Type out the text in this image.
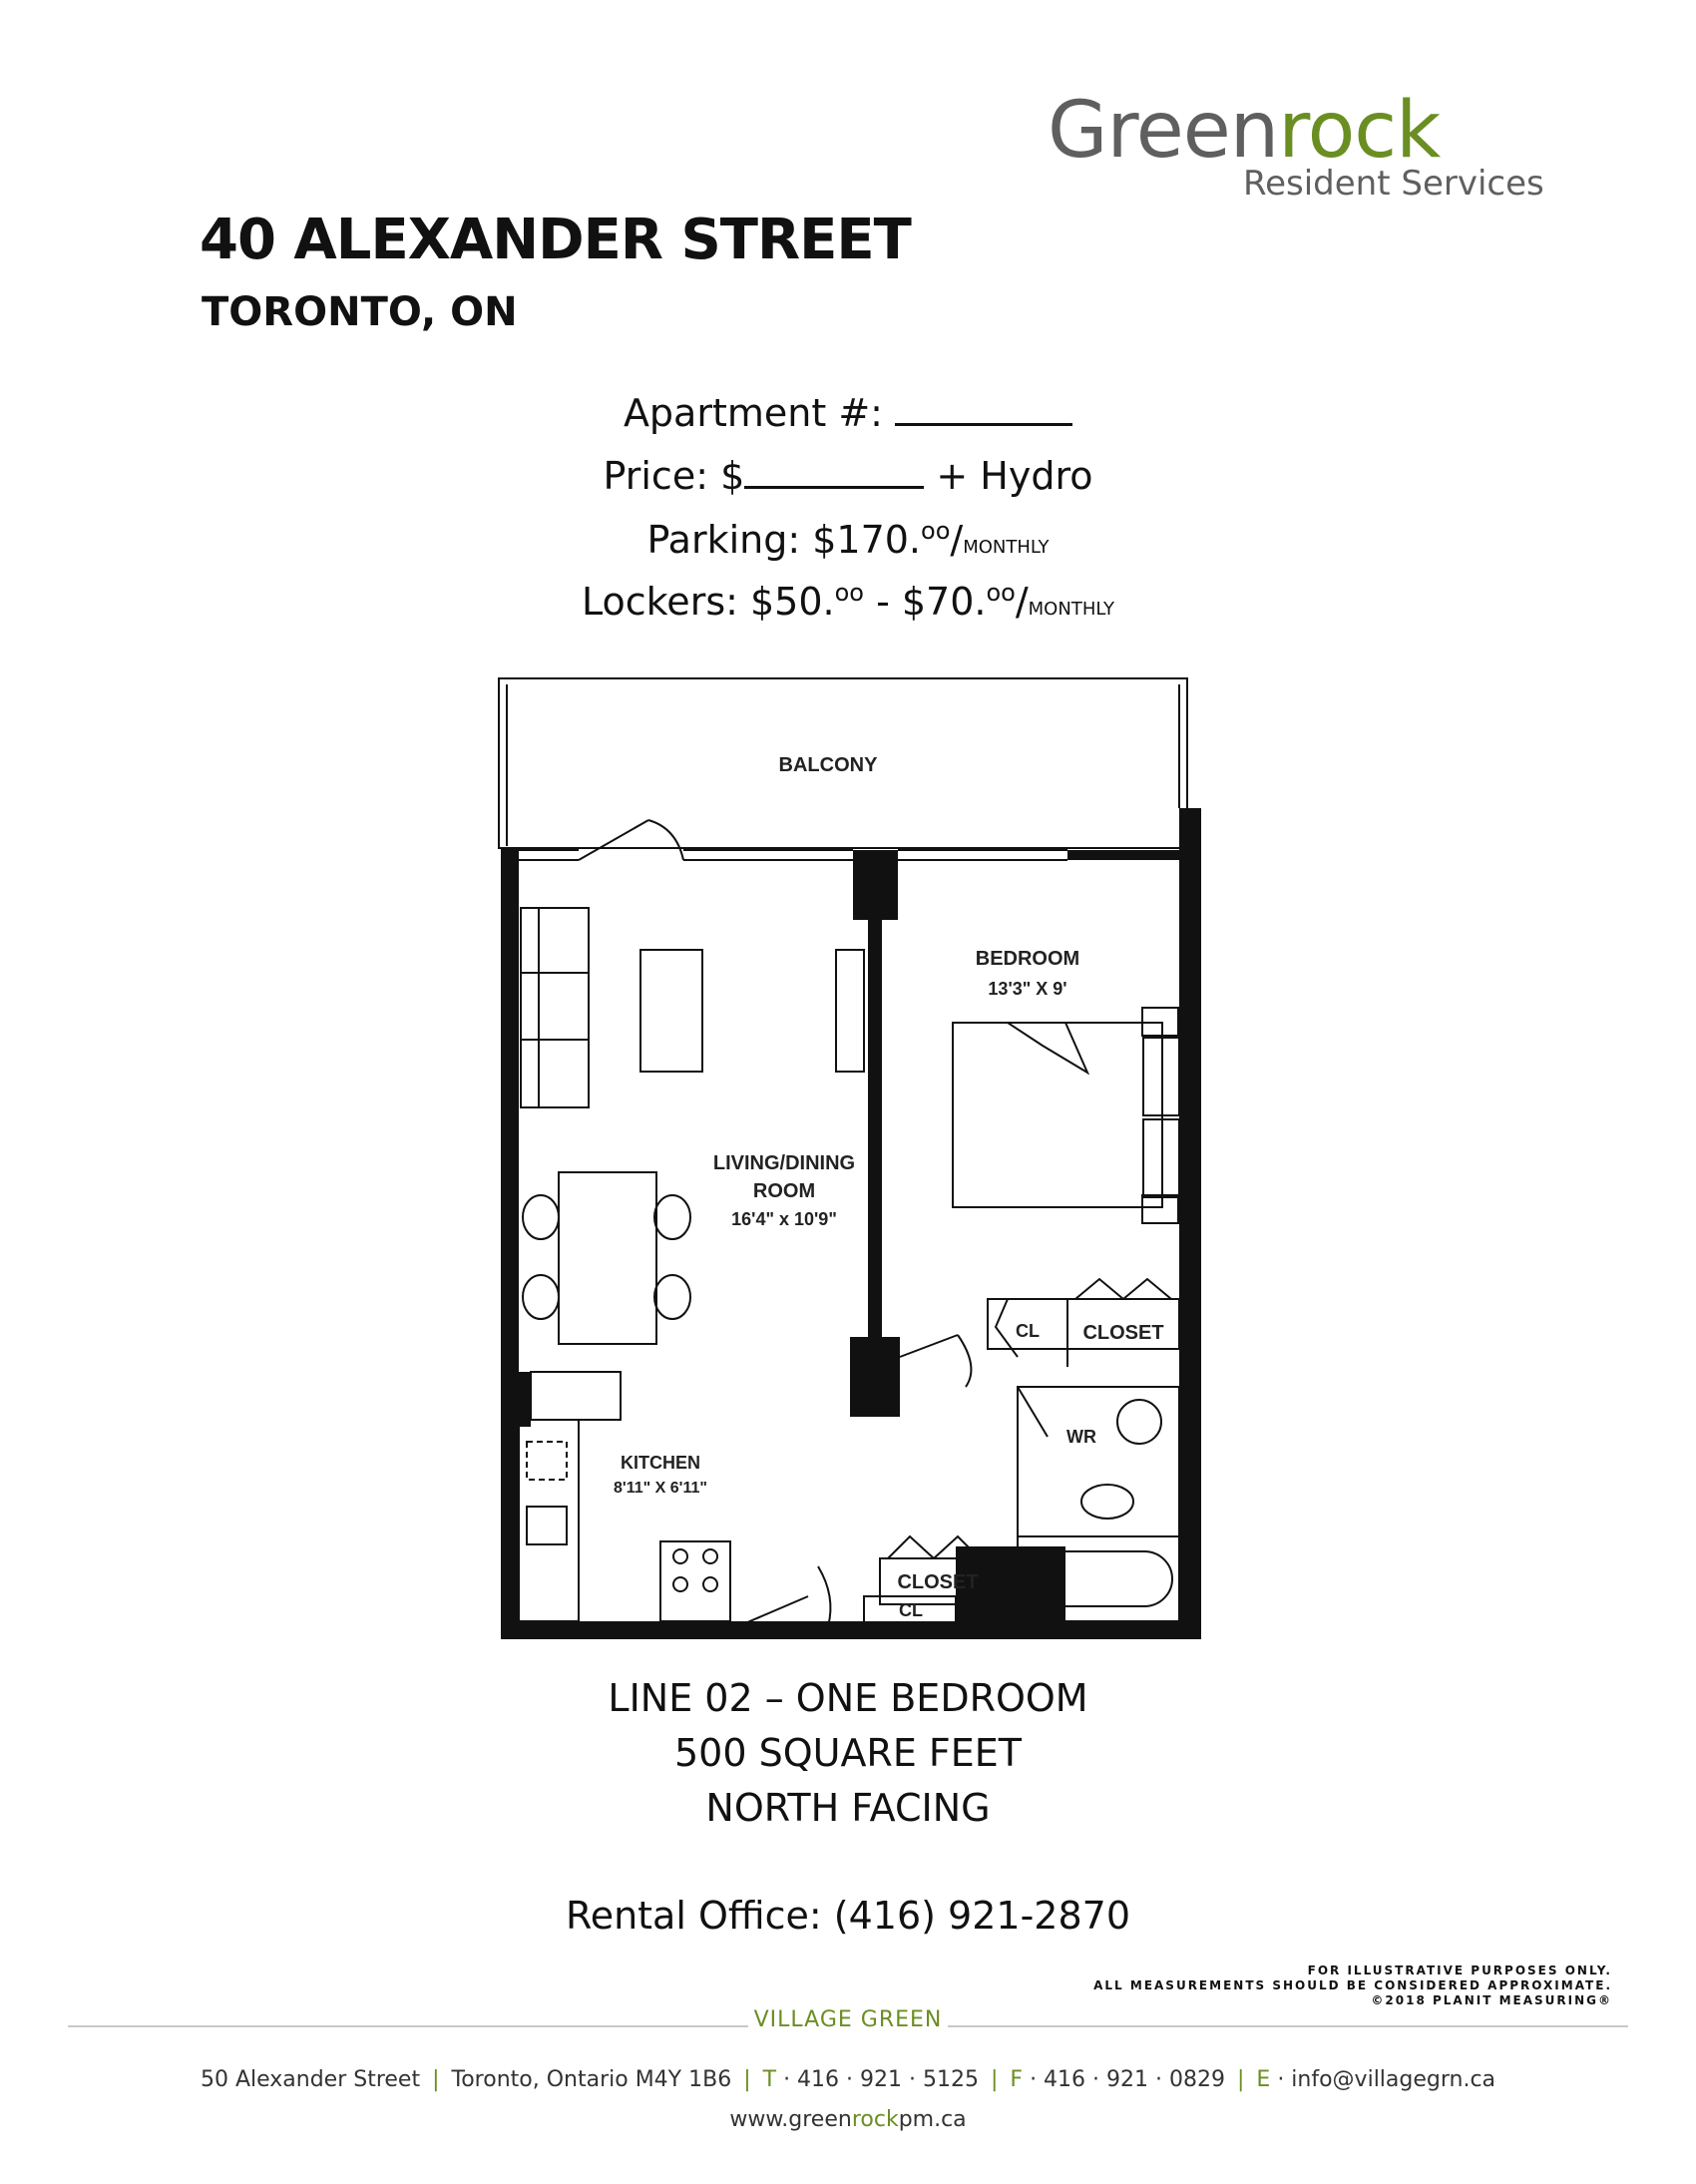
Greenrock
Resident Services
40 ALEXANDER STREET
TORONTO, ON
Apartment #:
Price: $	+ Hydro
Parking: $170.$^{oo}$/MONTHLY
Lockers: $50.$^{oo}$ - $70.$^{oo}$/MONTHLY
BALCONY
BEDROOM
13'3" X 9'
LIVING/DINING
ROOM
16'4" x 10'9"
KITCHEN
8'11" X 6'11"
CL CLOSET
WR
CLOSET
CL
LINE 02 – ONE BEDROOM
500 SQUARE FEET
NORTH FACING
Rental Office: (416) 921-2870
FOR ILLUSTRATIVE PURPOSES ONLY.
ALL MEASUREMENTS SHOULD BE CONSIDERED APPROXIMATE.
©2018 PLANIT MEASURING®
VILLAGE GREEN
50 Alexander Street | Toronto, Ontario M4Y 1B6 | T · 416 · 921 · 5125 | F · 416 · 921 · 0829 | E · info@villagegrn.ca
www.greenrockpm.ca
